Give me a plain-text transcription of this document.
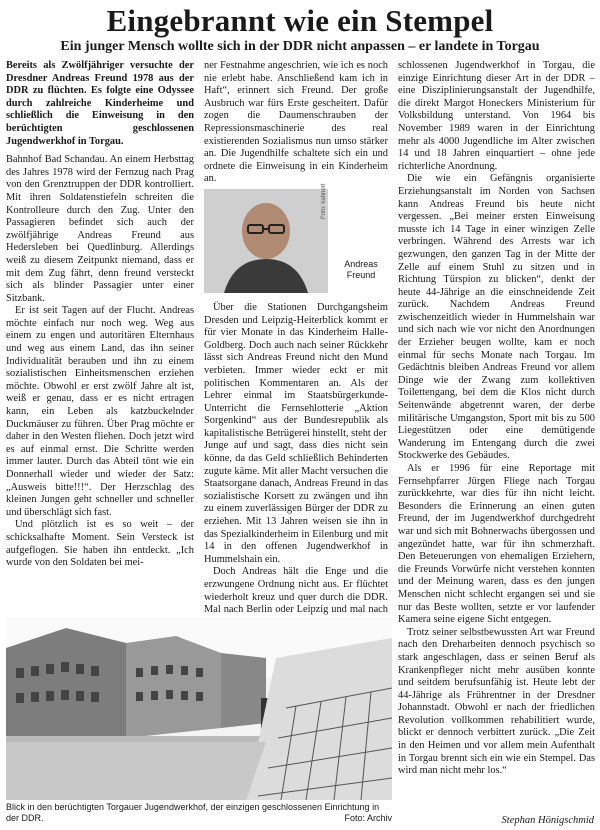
Eingebrannt wie ein Stempel
Ein junger Mensch wollte sich in der DDR nicht anpassen – er landete in Torgau

Bereits als Zwölfjähriger versuchte der Dresdner Andreas Freund 1978 aus der DDR zu flüchten. Es folgte eine Odyssee durch zahlreiche Kinderheime und schließlich die Einweisung in den berüchtigten geschlossenen Jugendwerkhof in Torgau.

Bahnhof Bad Schandau. An einem Herbsttag des Jahres 1978 wird der Fernzug nach Prag von den Grenztruppen der DDR kontrolliert. Mit ihren Soldatenstiefeln schreiten die Kontrolleure durch den Zug. Unter den Passagieren befindet sich auch der zwölfjährige Andreas Freund aus Hedersleben bei Quedlinburg. Allerdings weiß zu diesem Zeitpunkt niemand, dass er mit dem Zug fährt, denn freund versteckt sich als blinder Passagier unter einer Sitzbank.

Er ist seit Tagen auf der Flucht. Andreas möchte einfach nur noch weg. Weg aus einem zu engen und autoritären Elternhaus und weg aus einem Land, das ihn seiner Individualität berauben und ihn zu einem sozialistischen Einheitsmenschen erziehen möchte. Obwohl er erst zwölf Jahre alt ist, weiß er genau, dass er es nicht ertragen kann, ein Leben als katzbuckelnder Duckmäuser zu führen. Über Prag möchte er daher in den Westen fliehen. Doch jetzt wird es auf einmal ernst. Die Schritte werden immer lauter. Durch das Abteil tönt wie ein Donnerhall wieder und wieder der Satz: „Ausweis bitte!!!“. Der Herzschlag des kleinen Jungen geht schneller und schneller und überschlägt sich fast.

Und plötzlich ist es so weit – der schicksalhafte Moment. Sein Versteck ist aufgeflogen. Sie haben ihn entdeckt. „Ich wurde von den Soldaten bei mei-

ner Festnahme angeschrien, wie ich es noch nie erlebt habe. Anschließend kam ich in Haft“, erinnert sich Freund. Der große Ausbruch war fürs Erste gescheitert. Dafür zogen die Daumenschrauben der Repressionsmaschinerie des real existierenden Sozialismus nun umso stärker an. Die Jugendhilfe schaltete sich ein und ordnete die Einweisung in ein Kinderheim an.

Foto: kahnert
Andreas Freund

Über die Stationen Durchgangsheim Dresden und Leipzig-Heiterblick kommt er für vier Monate in das Kinderheim Halle-Goldberg. Doch auch nach seiner Rückkehr lässt sich Andreas Freund nicht den Mund verbieten. Immer wieder eckt er mit politischen Kommentaren an. Als der Lehrer einmal im Staatsbürgerkunde-Unterricht die Fernsehlotterie „Aktion Sorgenkind“ aus der Bundesrepublik als kapitalistische Betrügerei hinstellt, steht der

Junge auf und sagt, dass dies nicht sein könne, da das Geld schließlich Behinderten zugute käme. Mit aller Macht versuchen die Staatsorgane danach, Andreas Freund in das sozialistische Korsett zu zwängen und ihn zu einem zuverlässigen Bürger der DDR zu erziehen. Mit 13 Jahren weisen sie ihn in das Spezialkinderheim in Eilenburg und mit 14 in den offenen Jugendwerkhof in Hummelshain ein.

Doch Andreas hält die Enge und die erzwungene Ordnung nicht aus. Er flüchtet wiederholt kreuz und quer durch die DDR. Mal nach Berlin oder Leipzig und mal nach

schlossenen Jugendwerkhof in Torgau, die einzige Einrichtung dieser Art in der DDR – eine Disziplinierungsanstalt der Jugendhilfe, die direkt Margot Honeckers Ministerium für Volksbildung unterstand. Von 1964 bis November 1989 waren in der Einrichtung mehr als 4000 Jugendliche im Alter zwischen 14 und 18 Jahren einquartiert – ohne jede richterliche Anordnung.

Die wie ein Gefängnis organisierte Erziehungsanstalt im Norden von Sachsen kann Andreas Freund bis heute nicht vergessen. „Bei meiner ersten Einweisung musste ich 14 Tage in einer winzigen Zelle verbringen. Während des Arrests war ich gezwungen, den ganzen Tag in der Mitte der Zelle auf einem Stuhl zu sitzen und in Richtung Türspion zu blicken“, denkt der heute 44-Jährige an die einschneidende Zeit zurück. Nachdem Andreas Freund zwischenzeitlich wieder in Hummelshain war und sich nach wie vor nicht den Anordnungen der Erzieher beugen wollte, kam er noch einmal für sechs Monate nach Torgau. Im Gedächtnis bleiben Andreas Freund vor allem Dinge wie der Zwang zum kollektiven Toilettengang, bei dem die Klos nicht durch Seitenwände abgetrennt waren, der derbe militärische Umgangston, Sport mit bis zu 500 Liegestützen oder eine demütigende Wanderung im Entengang durch die zwei Stockwerke des Gebäudes.

Als er 1996 für eine Reportage mit Fernsehpfarrer Jürgen Fliege nach Torgau zurückkehrte, war dies für ihn nicht leicht. Besonders die Erinnerung an einen guten Freund, der im Jugendwerkhof durchgedreht war und sich mit Bohnerwachs übergossen und angezündet hatte, war für ihn schmerzhaft. Den Beteuerungen von ehemaligen Erziehern, die Freunds Vorwürfe nicht verstehen konnten und der Meinung waren, dass es den jungen Menschen nicht schlecht ergangen sei und sie nur das Beste wollten, setzte er vor laufender Kamera seine eigene Sicht entgegen.

Trotz seiner selbstbewussten Art war Freund nach den Dreharbeiten dennoch psychisch so stark angeschlagen, dass er seinen Beruf als Krankenpfleger nicht mehr ausüben konnte und seitdem berufsunfähig ist. Heute lebt der 44-Jährige als Frührentner in der Dresdner Johannstadt. Obwohl er nach der friedlichen Revolution vollkommen rehabilitiert wurde, blickt er dennoch verbittert zurück. „Die Zeit in den Heimen und vor allem mein Aufenthalt in Torgau brennt sich ein wie ein Stempel. Das wird man nicht mehr los.“

Blick in den berüchtigten Torgauer Jugendwerkhof, der einzigen geschlossenen Einrichtung in der DDR.	Foto: Archiv	Stephan Hönigschmid
